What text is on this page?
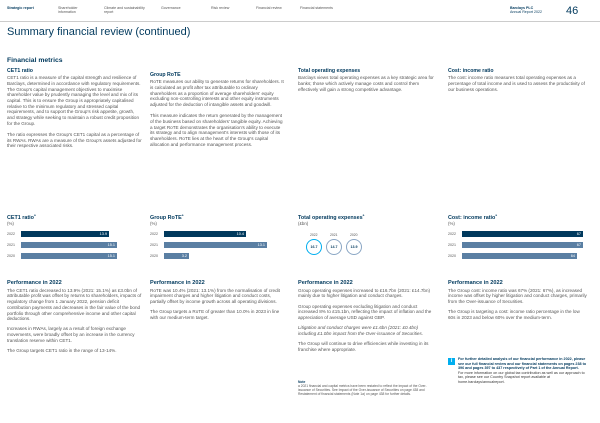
Strategic report	Shareholder information
Climate and sustainability report
Governance	Risk review	Financial review	Financial statements	Barclays PLC
Annual Report 2022 46
Summary financial review (continued)
Financial metrics
CET1 ratio

CET1 ratio is a measure of the capital strength and resilience of Barclays, determined in accordance with regulatory requirements. The Group's capital management objectives to maximise shareholder value by prudently managing the level and mix of its capital. This is to ensure the Group is appropriately capitalised relative to the minimum regulatory and stressed capital requirements, and to support the Group's risk appetite, growth, and strategy while seeking to maintain a robust credit proposition for the Group.

The ratio expresses the Group's CET1 capital as a percentage of its RWAs. RWAs are a measure of the Group's assets adjusted for their respective associated risks.

Group RoTE

RoTE measures our ability to generate returns for shareholders. It is calculated as profit after tax attributable to ordinary shareholders as a proportion of average shareholders' equity excluding non-controlling interests and other equity instruments adjusted for the deduction of intangible assets and goodwill.

This measure indicates the return generated by the management of the business based on shareholders' tangible equity. Achieving a target RoTE demonstrates the organisation's ability to execute its strategy and to align management's interests with those of its shareholders. RoTE lies at the heart of the Group's capital allocation and performance management process.

Total operating expenses

Barclays views total operating expenses as a key strategic area for banks; those which actively manage costs and control them effectively will gain a strong competitive advantage.

Cost: income ratio

The cost: income ratio measures total operating expenses as a percentage of total income and is used to assess the productivity of our business operations.

CET1 ratio$^a$
(%)
Group RoTE$^a$
(%)
Total operating expenses$^a$
(£bn)
Cost: income ratio$^a$
(%)
2022	13.9
2021	15.1
2020	15.1
2022	10.4
2021	13.1
2020	3.2
16.7
2022
14.7
2021
13.9
2020	2022	67
2021	67
2020	64
Performance in 2022

The CET1 ratio decreased to 13.9% (2021: 15.1%) as £3.0bn of attributable profit was offset by returns to shareholders, impacts of regulatory change from 1 January 2022, pension deficit contribution payments and decreases in the fair value of the bond portfolio through other comprehensive income and other capital deductions.

Increases in RWAs, largely as a result of foreign exchange movements, were broadly offset by an increase in the currency translation reserve within CET1.

The Group targets CET1 ratio in the range of 13-14%.

Performance in 2022

RoTE was 10.4% (2021: 13.1%) from the normalisation of credit impairment charges and higher litigation and conduct costs, partially offset by income growth across all operating divisions.

The Group targets a RoTE of greater than 10.0% in 2023 in line with our medium-term target.

Performance in 2022

Group operating expenses increased to £16.7bn (2021: £14.7bn) mainly due to higher litigation and conduct charges.

Group operating expenses excluding litigation and conduct increased 8% to £15.1bn, reflecting the impact of inflation and the appreciation of average USD against GBP.

Litigation and conduct charges were £1.6bn (2021: £0.4bn) including £1.0bn impact from the Over-issuance of Securities.

The Group will continue to drive efficiencies while investing in its franchise where appropriate.

Performance in 2022

The Group cost: income ratio was 67% (2021: 67%), as increased income was offset by higher litigation and conduct charges, primarily from the Over-issuance of Securities.

The Group is targeting a cost: income ratio percentage in the low 60s in 2023 and below 60% over the medium-term.

Note
a 2021 financial and capital metrics have been restated to reflect the impact of the Over-issuance of Securities. See Impact of the Over-issuance of Securities on page 438 and Restatement of financial statements (Note 1a) on page 438 for further details.
i	For further detailed analysis of our financial performance in 2022, please see our full financial review and our financial statements on pages 238 to 396 and pages 397 to 437 respectively of Part 1 of the Annual Report.
For more information on our global tax contribution as well as our approach to tax, please see our Country Snapshot report available at home.barclays/annualreport.
